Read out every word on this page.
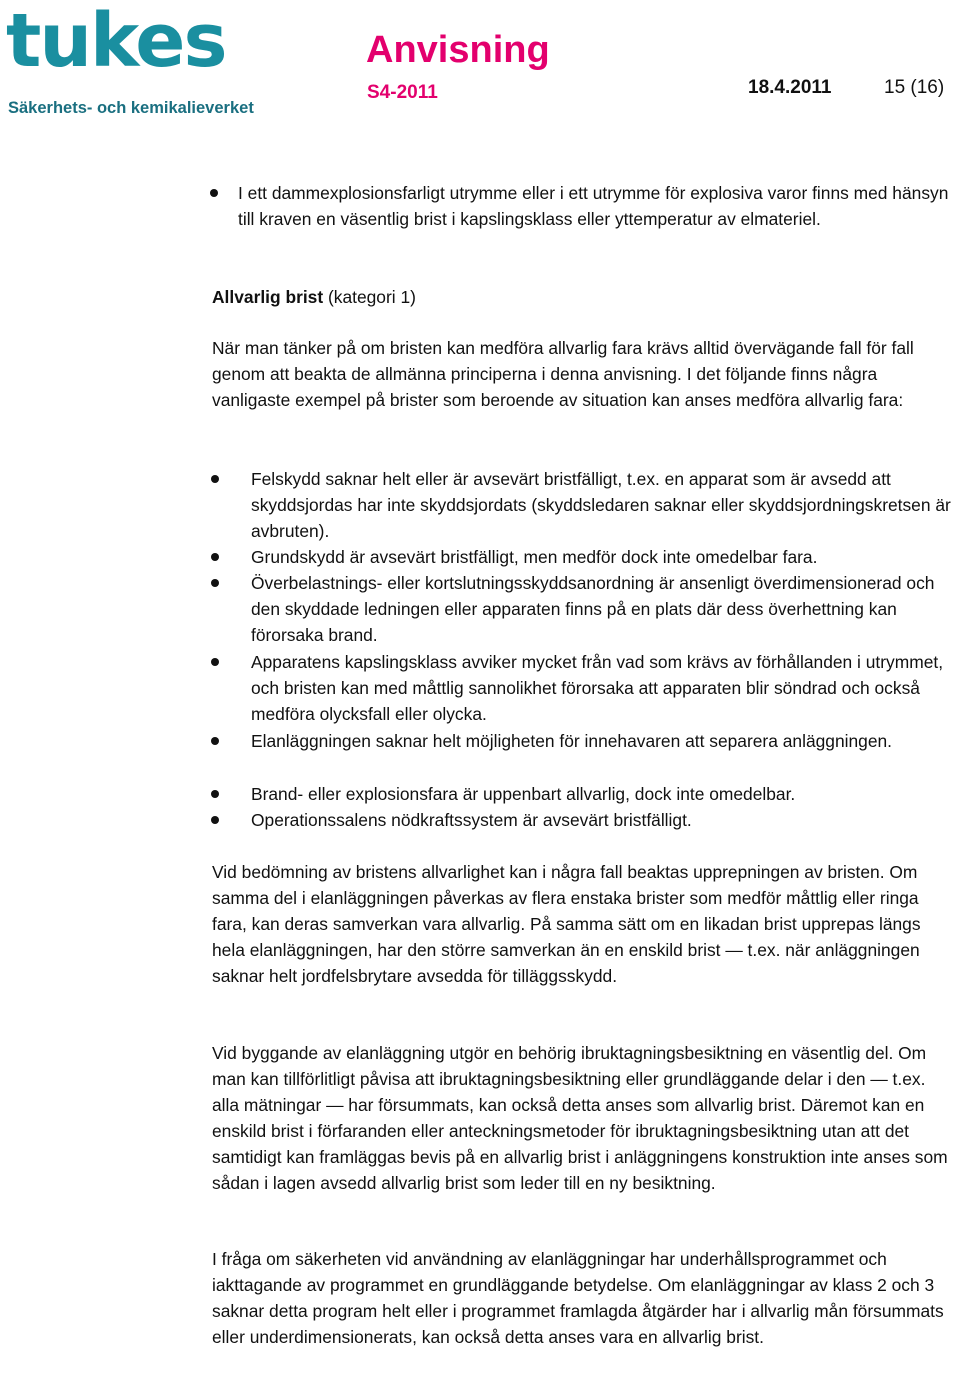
tukes
Säkerhets- och kemikalieverket
Anvisning
S4-2011	18.4.2011	15 (16)

I ett dammexplosionsfarligt utrymme eller i ett utrymme för explosiva varor finns med hänsyn till kraven en väsentlig brist i kapslingsklass eller yttemperatur av elmateriel.

Allvarlig brist (kategori 1)

När man tänker på om bristen kan medföra allvarlig fara krävs alltid övervägande fall för fall genom att beakta de allmänna principerna i denna anvisning. I det följande finns några vanligaste exempel på brister som beroende av situation kan anses medföra allvarlig fara:

Felskydd saknar helt eller är avsevärt bristfälligt, t.ex. en apparat som är avsedd att skyddsjordas har inte skyddsjordats (skyddsledaren saknar eller skyddsjordningskretsen är avbruten).

Grundskydd är avsevärt bristfälligt, men medför dock inte omedelbar fara.

Överbelastnings- eller kortslutningsskyddsanordning är ansenligt överdimensionerad och den skyddade ledningen eller apparaten finns på en plats där dess överhettning kan förorsaka brand.

Apparatens kapslingsklass avviker mycket från vad som krävs av förhållanden i utrymmet, och bristen kan med måttlig sannolikhet förorsaka att apparaten blir söndrad och också medföra olycksfall eller olycka.

Elanläggningen saknar helt möjligheten för innehavaren att separera anläggningen.

Brand- eller explosionsfara är uppenbart allvarlig, dock inte omedelbar.

Operationssalens nödkraftssystem är avsevärt bristfälligt.

Vid bedömning av bristens allvarlighet kan i några fall beaktas upprepningen av bristen. Om samma del i elanläggningen påverkas av flera enstaka brister som medför måttlig eller ringa fara, kan deras samverkan vara allvarlig. På samma sätt om en likadan brist upprepas längs hela elanläggningen, har den större samverkan än en enskild brist — t.ex. när anläggningen saknar helt jordfelsbrytare avsedda för tilläggsskydd.

Vid byggande av elanläggning utgör en behörig ibruktagningsbesiktning en väsentlig del. Om man kan tillförlitligt påvisa att ibruktagningsbesiktning eller grundläggande delar i den — t.ex. alla mätningar — har försummats, kan också detta anses som allvarlig brist. Däremot kan en enskild brist i förfaranden eller anteckningsmetoder för ibruktagningsbesiktning utan att det samtidigt kan framläggas bevis på en allvarlig brist i anläggningens konstruktion inte anses som sådan i lagen avsedd allvarlig brist som leder till en ny besiktning.

I fråga om säkerheten vid användning av elanläggningar har underhållsprogrammet och iakttagande av programmet en grundläggande betydelse. Om elanläggningar av klass 2 och 3 saknar detta program helt eller i programmet framlagda åtgärder har i allvarlig mån försummats eller underdimensionerats, kan också detta anses vara en allvarlig brist.
